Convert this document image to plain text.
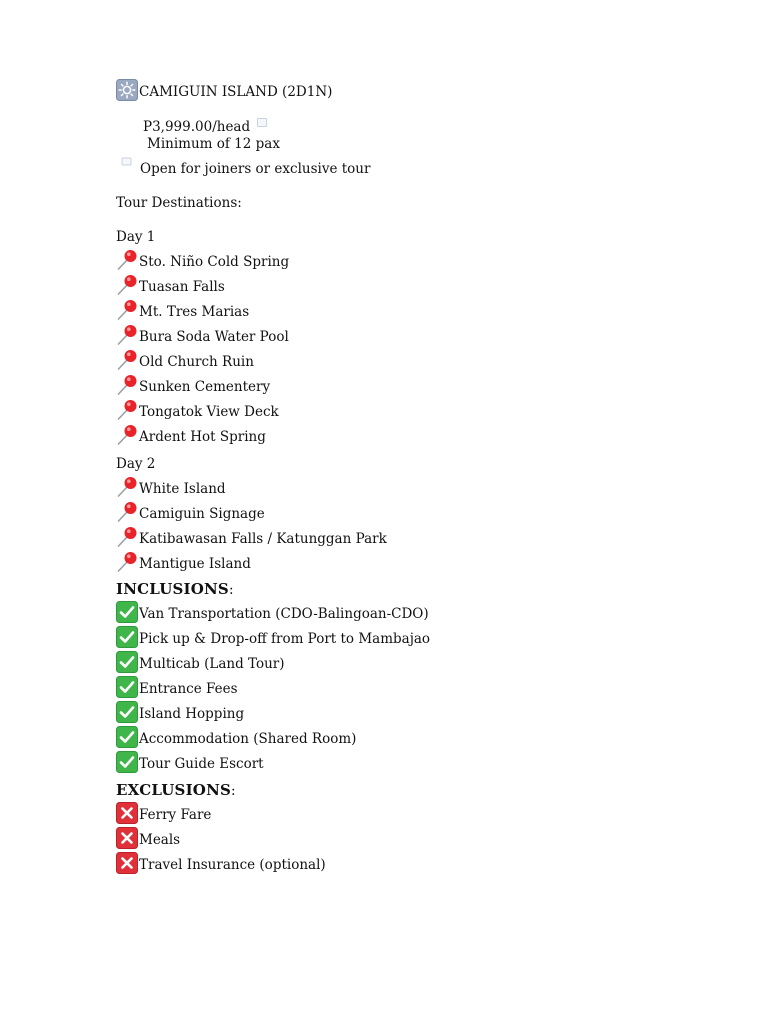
CAMIGUIN ISLAND (2D1N)
P3,999.00/head
Minimum of 12 pax
Open for joiners or exclusive tour
Tour Destinations:
Day 1
Sto. Niño Cold Spring
Tuasan Falls
Mt. Tres Marias
Bura Soda Water Pool
Old Church Ruin
Sunken Cementery
Tongatok View Deck
Ardent Hot Spring
Day 2
White Island
Camiguin Signage
Katibawasan Falls / Katunggan Park
Mantigue Island
INCLUSIONS:
Van Transportation (CDO-Balingoan-CDO)
Pick up & Drop-off from Port to Mambajao
Multicab (Land Tour)
Entrance Fees
Island Hopping
Accommodation (Shared Room)
Tour Guide Escort
EXCLUSIONS:
Ferry Fare
Meals
Travel Insurance (optional)
